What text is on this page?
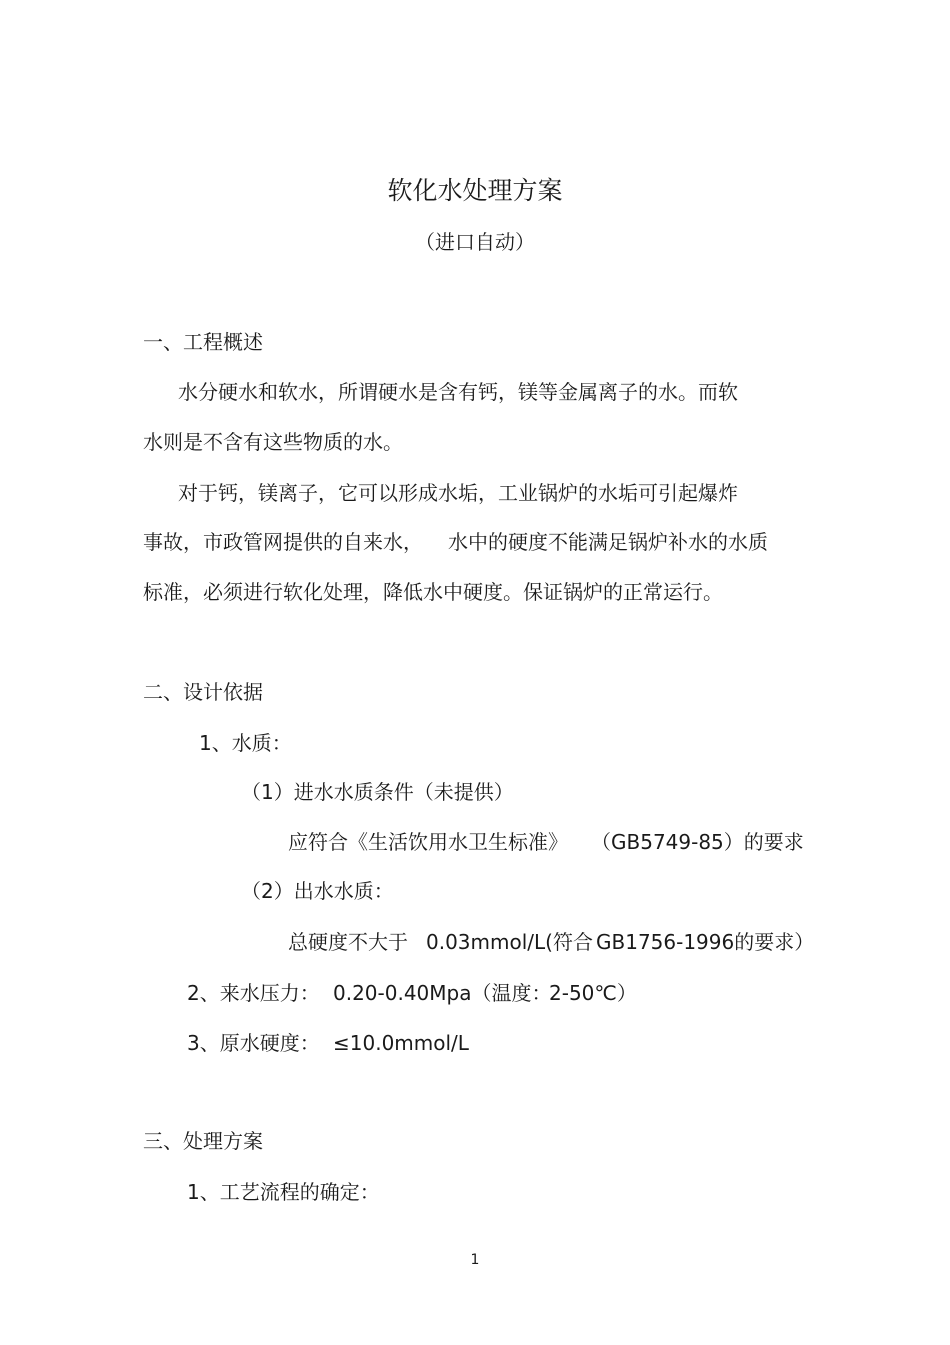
软化水处理方案
（进口自动）
一、工程概述
水分硬水和软水，所谓硬水是含有钙，镁等金属离子的水。而软
水则是不含有这些物质的水。
对于钙，镁离子，它可以形成水垢，工业锅炉的水垢可引起爆炸
事故，市政管网提供的自来水， 水中的硬度不能满足锅炉补水的水质
标准，必须进行软化处理，降低水中硬度。保证锅炉的正常运行。
二、设计依据
1、水质：
（1）进水水质条件（未提供）
应符合《生活饮用水卫生标准》 （GB5749-85）的要求
（2）出水水质：
总硬度不大于 0.03mmol/L(符合 GB1756-1996的要求）
2、来水压力： 0.20-0.40Mpa（温度：
2-50℃）
3、原水硬度： ≤10.0mmol/L
三、处理方案
1、工艺流程的确定：
1
